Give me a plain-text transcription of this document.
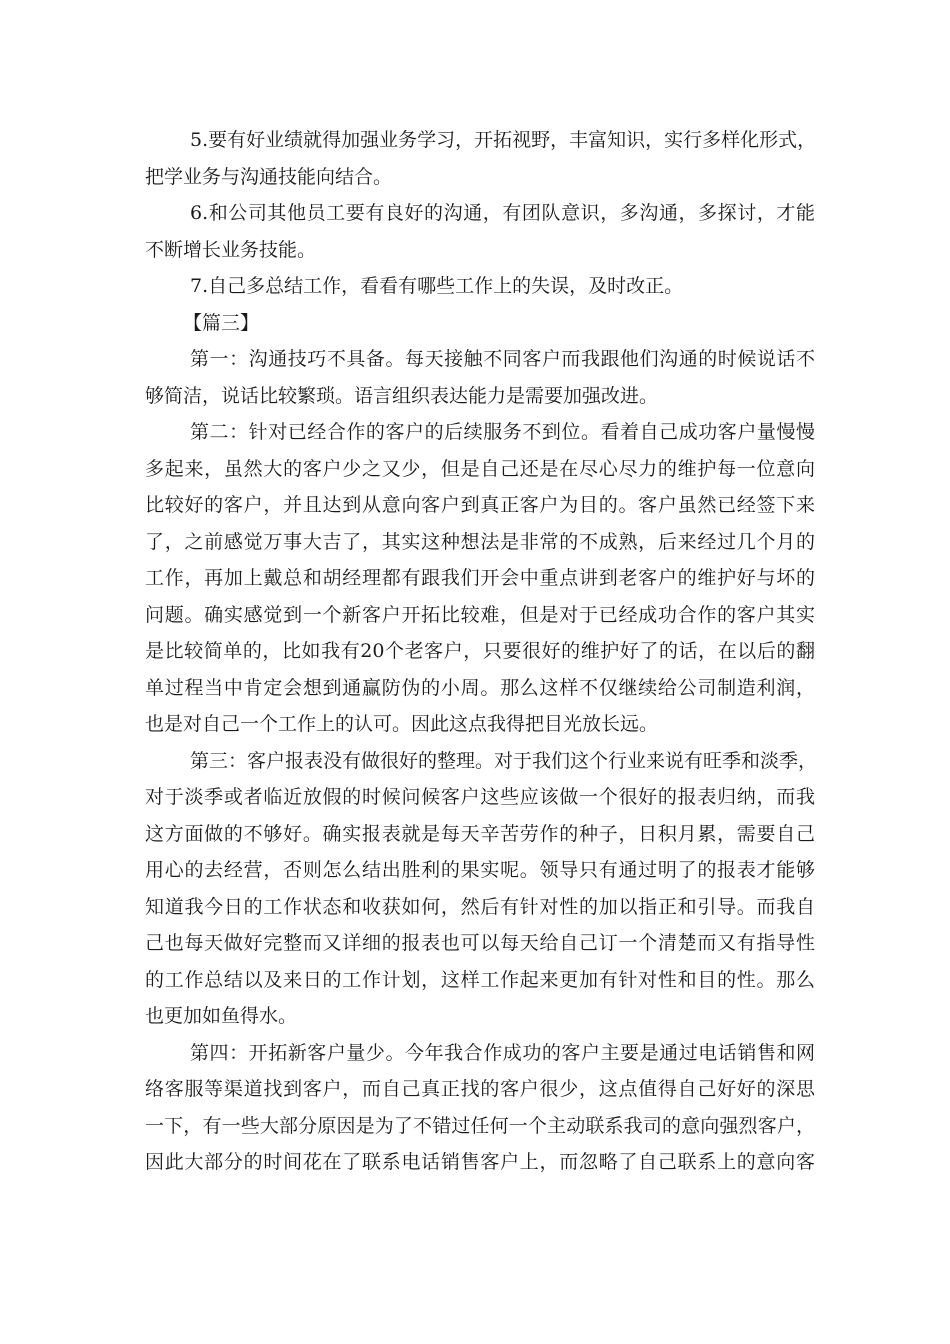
5.要有好业绩就得加强业务学习，开拓视野，丰富知识，实行多样化形式，
把学业务与沟通技能向结合。
6.和公司其他员工要有良好的沟通，有团队意识，多沟通，多探讨，才能
不断增长业务技能。
7.自己多总结工作，看看有哪些工作上的失误，及时改正。
【篇三】
第一：沟通技巧不具备。每天接触不同客户而我跟他们沟通的时候说话不
够简洁，说话比较繁琐。语言组织表达能力是需要加强改进。
第二：针对已经合作的客户的后续服务不到位。看着自己成功客户量慢慢
多起来，虽然大的客户少之又少，但是自己还是在尽心尽力的维护每一位意向
比较好的客户，并且达到从意向客户到真正客户为目的。客户虽然已经签下来
了，之前感觉万事大吉了，其实这种想法是非常的不成熟，后来经过几个月的
工作，再加上戴总和胡经理都有跟我们开会中重点讲到老客户的维护好与坏的
问题。确实感觉到一个新客户开拓比较难，但是对于已经成功合作的客户其实
是比较简单的，比如我有20个老客户，只要很好的维护好了的话，在以后的翻
单过程当中肯定会想到通赢防伪的小周。那么这样不仅继续给公司制造利润，
也是对自己一个工作上的认可。因此这点我得把目光放长远。
第三：客户报表没有做很好的整理。对于我们这个行业来说有旺季和淡季，
对于淡季或者临近放假的时候问候客户这些应该做一个很好的报表归纳，而我
这方面做的不够好。确实报表就是每天辛苦劳作的种子，日积月累，需要自己
用心的去经营，否则怎么结出胜利的果实呢。领导只有通过明了的报表才能够
知道我今日的工作状态和收获如何，然后有针对性的加以指正和引导。而我自
己也每天做好完整而又详细的报表也可以每天给自己订一个清楚而又有指导性
的工作总结以及来日的工作计划，这样工作起来更加有针对性和目的性。那么
也更加如鱼得水。
第四：开拓新客户量少。今年我合作成功的客户主要是通过电话销售和网
络客服等渠道找到客户，而自己真正找的客户很少，这点值得自己好好的深思
一下，有一些大部分原因是为了不错过任何一个主动联系我司的意向强烈客户，
因此大部分的时间花在了联系电话销售客户上，而忽略了自己联系上的意向客
